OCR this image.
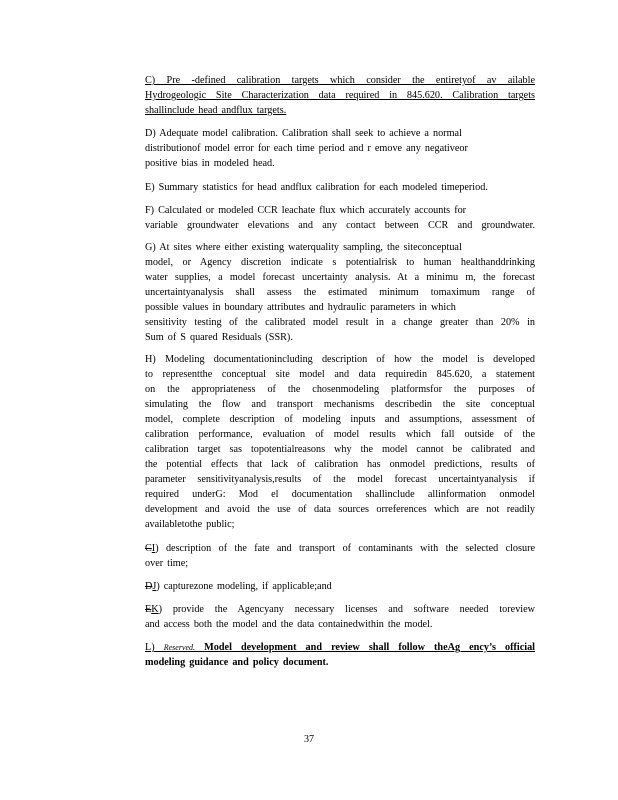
C) Pre -defined calibration targets which consider the entiretyof av ailable
Hydrogeologic Site Characterization data required in 845.620. Calibration targets
shallinclude head andflux targets.
D) Adequate model calibration. Calibration shall seek to achieve a normal
distributionof model error for each time period and r emove any negativeor
positive bias in modeled head.
E) Summary statistics for head andflux calibration for each modeled timeperiod.
F) Calculated or modeled CCR leachate flux which accurately accounts for
variable groundwater elevations and any contact between CCR and groundwater.
G) At sites where either existing waterquality sampling, the siteconceptual
model, or Agency discretion indicate s potentialrisk to human healthanddrinking
water supplies, a model forecast uncertainty analysis. At a minimu m, the forecast
uncertaintyanalysis shall assess the estimated minimum tomaximum range of
possible values in boundary attributes and hydraulic parameters in which
sensitivity testing of the calibrated model result in a change greater than 20% in
Sum of S quared Residuals (SSR).
H) Modeling documentationincluding description of how the model is developed
to representthe conceptual site model and data requiredin 845.620, a statement
on the appropriateness of the chosenmodeling platformsfor the purposes of
simulating the flow and transport mechanisms describedin the site conceptual
model, complete description of modeling inputs and assumptions, assessment of
calibration performance, evaluation of model results which fall outside of the
calibration target sas topotentialreasons why the model cannot be calibrated and
the potential effects that lack of calibration has onmodel predictions, results of
parameter sensitivityanalysis,results of the model forecast uncertaintyanalysis if
required underG: Mod el documentation shallinclude allinformation onmodel
development and avoid the use of data sources orreferences which are not readily
availabletothe public;
CI) description of the fate and transport of contaminants with the selected closure
over time;
DJ) capturezone modeling, if applicable;and
EK) provide the Agencyany necessary licenses and software needed toreview
and access both the model and the data containedwithin the model.
L) Reserved. Model development and review shall follow theAg ency’s official
modeling guidance and policy document.
37
